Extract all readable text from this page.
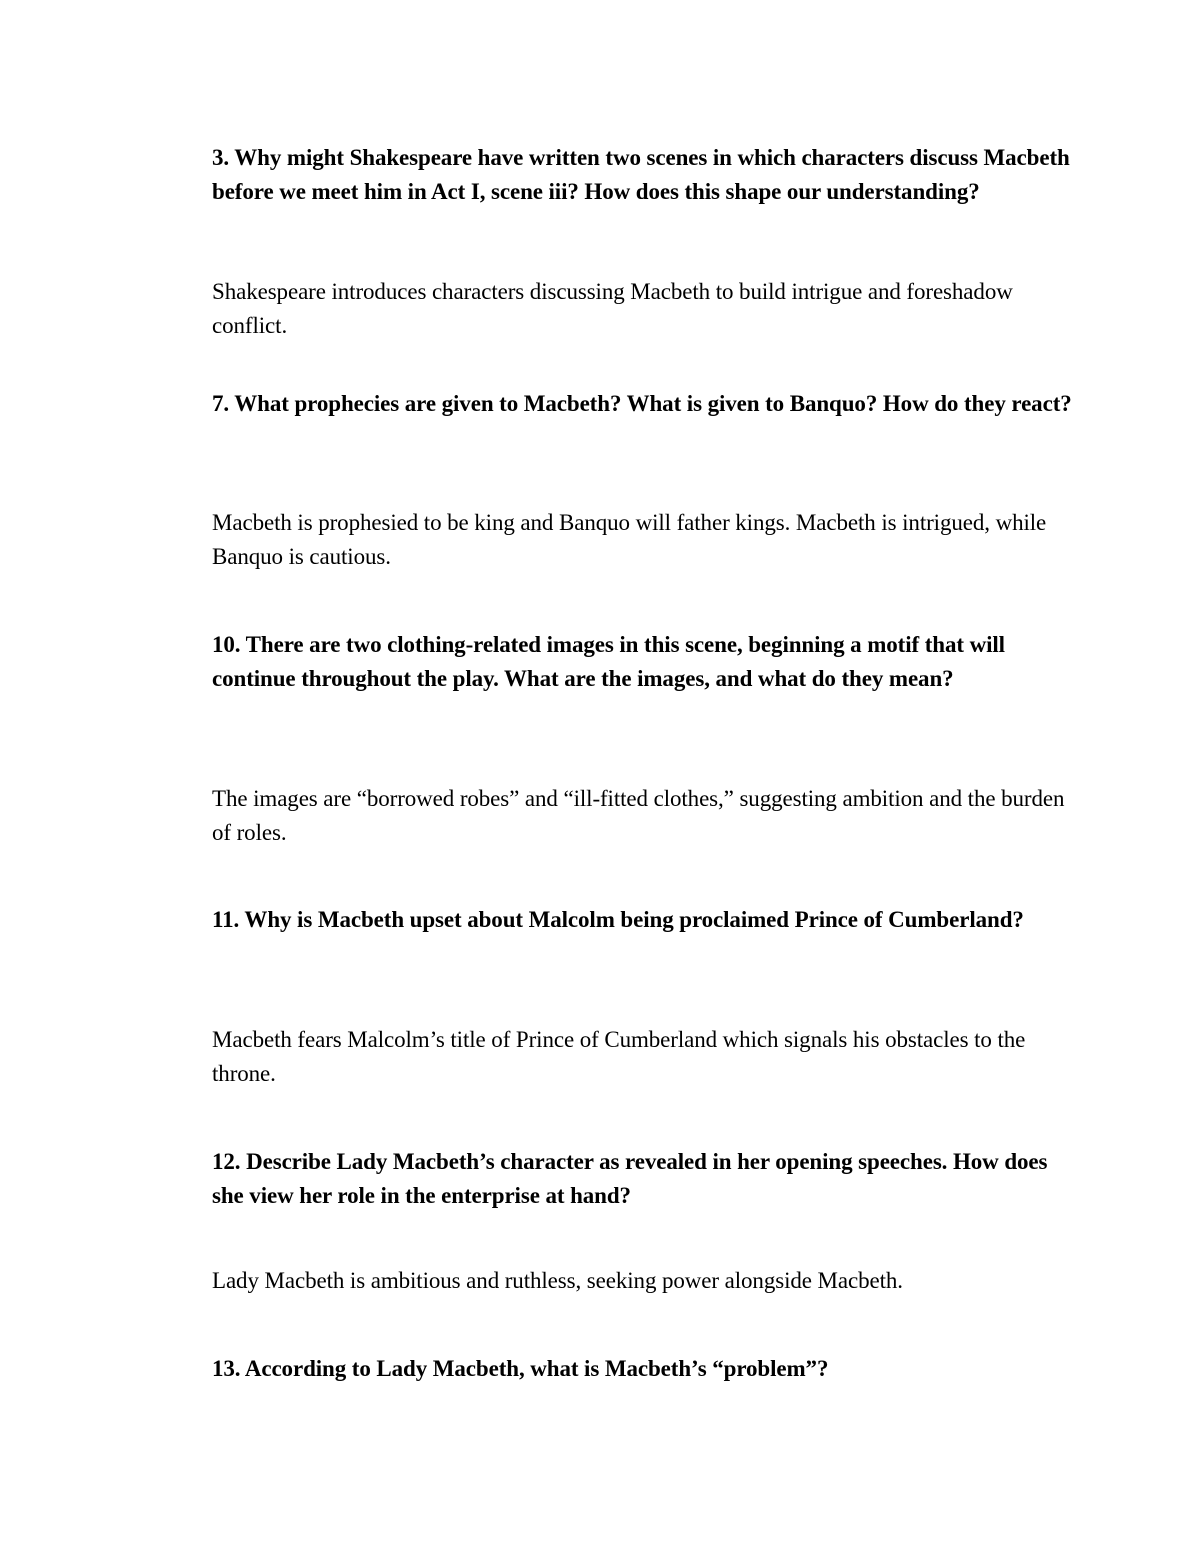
3. Why might Shakespeare have written two scenes in which characters discuss Macbeth before we meet him in Act I, scene iii? How does this shape our understanding?
Shakespeare introduces characters discussing Macbeth to build intrigue and foreshadow conflict.
7. What prophecies are given to Macbeth? What is given to Banquo? How do they react?
Macbeth is prophesied to be king and Banquo will father kings. Macbeth is intrigued, while Banquo is cautious.
10. There are two clothing-related images in this scene, beginning a motif that will continue throughout the play. What are the images, and what do they mean?
The images are “borrowed robes” and “ill-fitted clothes,” suggesting ambition and the burden of roles.
11. Why is Macbeth upset about Malcolm being proclaimed Prince of Cumberland?
Macbeth fears Malcolm’s title of Prince of Cumberland which signals his obstacles to the throne.
12. Describe Lady Macbeth’s character as revealed in her opening speeches. How does she view her role in the enterprise at hand?
Lady Macbeth is ambitious and ruthless, seeking power alongside Macbeth.
13. According to Lady Macbeth, what is Macbeth’s “problem”?
